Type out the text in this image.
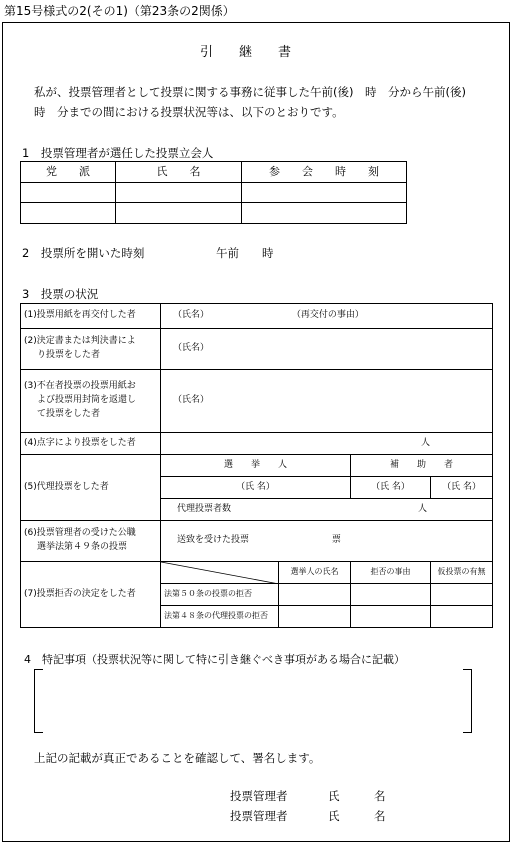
第15号様式の2(その1)（第23条の2関係）
引　　継　　書
私が、投票管理者として投票に関する事務に従事した午前(後)　時　分から午前(後)
時　分までの間における投票状況等は、以下のとおりです。
1　投票管理者が選任した投票立会人
党　　派	氏　　名	参　　会　　時　　刻

2　投票所を開いた時刻	午前　　時
3　投票の状況
(1)投票用紙を再交付した者	（氏名） （再交付の事由）			

(2)決定書または判決書によ
り投票をした者	（氏名）			

(3)不在者投票の投票用紙お
よび投票用封筒を返還し
て投票をした者	（氏名）			
(4)点字により投票をした者	人			
(5)代理投票をした者	選　　挙　　人		補　　助　　者	
	（氏 名）		（氏 名）	（氏 名）
	代理投票者数 人			

(6)投票管理者の受けた公職
選挙法第４９条の投票	送致を受けた投票 票			
(7)投票拒否の決定をした者		選挙人の氏名	拒否の事由	仮投票の有無
	法第５０条の投票の拒否			
	法第４８条の代理投票の拒否			
4　特記事項（投票状況等に関して特に引き継ぐべき事項がある場合に記載）
上記の記載が真正であることを確認して、署名します。
投票管理者	氏　　　名
投票管理者	氏　　　名
